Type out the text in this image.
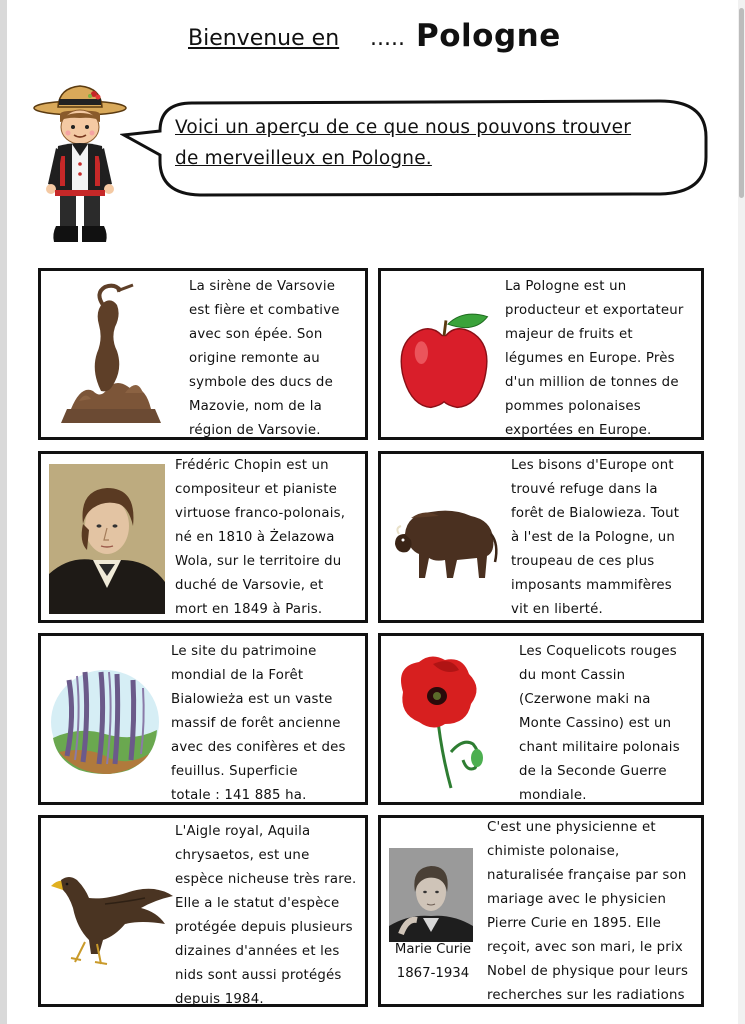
Bienvenue en ..... Pologne
Voici un aperçu de ce que nous pouvons trouver
de merveilleux en Pologne.
La sirène de Varsovie
est fière et combative
avec son épée. Son
origine remonte au
symbole des ducs de
Mazovie, nom de la
région de Varsovie.
La Pologne est un
producteur et exportateur
majeur de fruits et
légumes en Europe. Près
d'un million de tonnes de
pommes polonaises
exportées en Europe.
Frédéric Chopin est un
compositeur et pianiste
virtuose franco-polonais,
né en 1810 à Żelazowa
Wola, sur le territoire du
duché de Varsovie, et
mort en 1849 à Paris.
Les bisons d'Europe ont
trouvé refuge dans la
forêt de Bialowieza. Tout
à l'est de la Pologne, un
troupeau de ces plus
imposants mammifères
vit en liberté.
Le site du patrimoine
mondial de la Forêt
Bialowieża est un vaste
massif de forêt ancienne
avec des conifères et des
feuillus. Superficie
totale : 141 885 ha.
Les Coquelicots rouges
du mont Cassin
(Czerwone maki na
Monte Cassino) est un
chant militaire polonais
de la Seconde Guerre
mondiale.
L'Aigle royal, Aquila
chrysaetos, est une
espèce nicheuse très rare.
Elle a le statut d'espèce
protégée depuis plusieurs
dizaines d'années et les
nids sont aussi protégés
depuis 1984.
Marie Curie
1867-1934
C'est une physicienne et
chimiste polonaise,
naturalisée française par son
mariage avec le physicien
Pierre Curie en 1895. Elle
reçoit, avec son mari, le prix
Nobel de physique pour leurs
recherches sur les radiations
